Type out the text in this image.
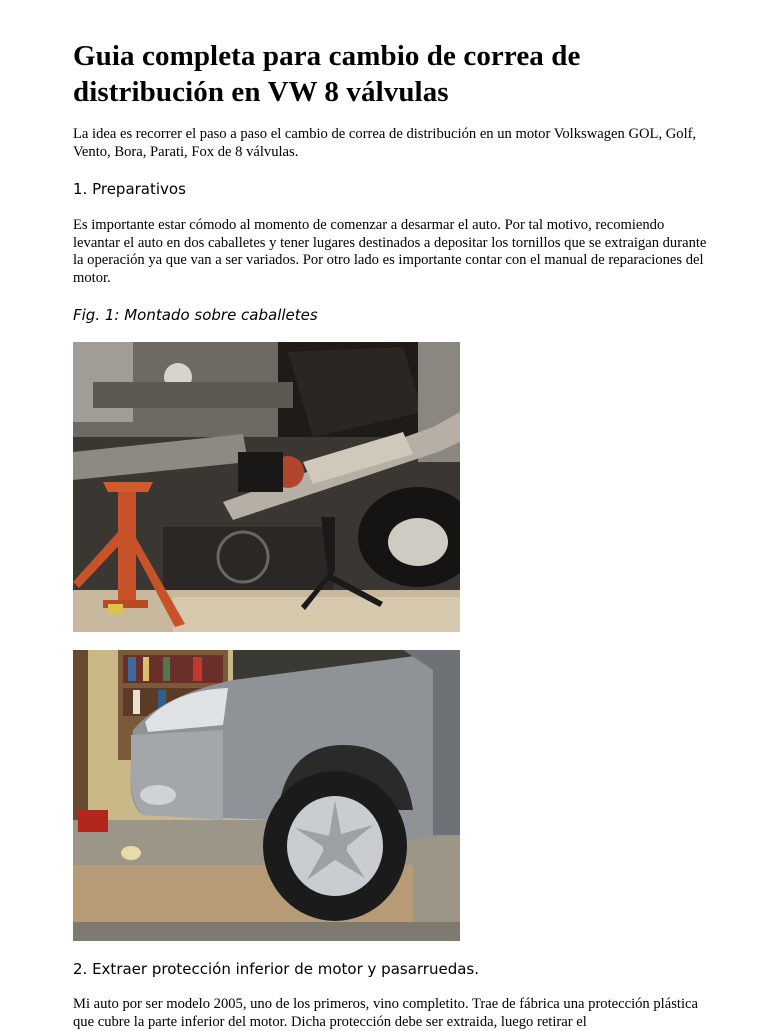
Guia completa para cambio de correa de distribución en VW 8 válvulas

La idea es recorrer el paso a paso el cambio de correa de distribución en un motor Volkswagen GOL, Golf, Vento, Bora, Parati, Fox de 8 válvulas.

1. Preparativos

Es importante estar cómodo al momento de comenzar a desarmar el auto. Por tal motivo, recomiendo levantar el auto en dos caballetes y tener lugares destinados a depositar los tornillos que se extraigan durante la operación ya que van a ser variados. Por otro lado es importante contar con el manual de reparaciones del motor.

Fig. 1: Montado sobre caballetes

2. Extraer protección inferior de motor y pasarruedas.

Mi auto por ser modelo 2005, uno de los primeros, vino completito. Trae de fábrica una protección plástica que cubre la parte inferior del motor. Dicha protección debe ser extraida, luego retirar el
